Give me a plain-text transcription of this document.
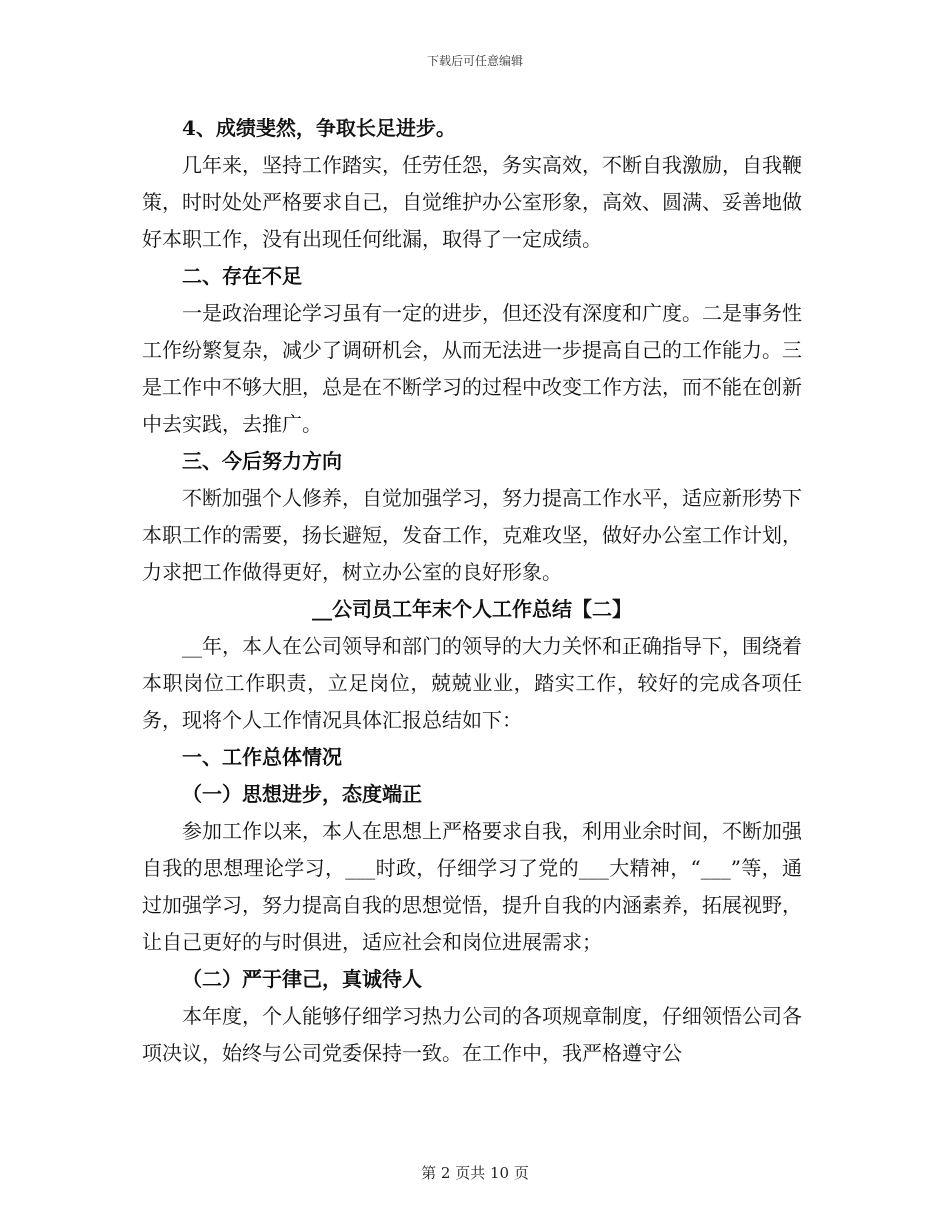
下载后可任意编辑

4、成绩斐然，争取长足进步。

几年来，坚持工作踏实，任劳任怨，务实高效，不断自我激励，自我鞭策，时时处处严格要求自己，自觉维护办公室形象，高效、圆满、妥善地做好本职工作，没有出现任何纰漏，取得了一定成绩。

二、存在不足

一是政治理论学习虽有一定的进步，但还没有深度和广度。二是事务性工作纷繁复杂，减少了调研机会，从而无法进一步提高自己的工作能力。三是工作中不够大胆，总是在不断学习的过程中改变工作方法，而不能在创新中去实践，去推广。

三、今后努力方向

不断加强个人修养，自觉加强学习，努力提高工作水平，适应新形势下本职工作的需要，扬长避短，发奋工作，克难攻坚，做好办公室工作计划，力求把工作做得更好，树立办公室的良好形象。

__公司员工年末个人工作总结【二】

__年，本人在公司领导和部门的领导的大力关怀和正确指导下，围绕着本职岗位工作职责，立足岗位，兢兢业业，踏实工作，较好的完成各项任务，现将个人工作情况具体汇报总结如下：

一、工作总体情况

（一）思想进步，态度端正

参加工作以来，本人在思想上严格要求自我，利用业余时间，不断加强自我的思想理论学习，___时政，仔细学习了党的___大精神，“___”等，通过加强学习，努力提高自我的思想觉悟，提升自我的内涵素养，拓展视野，让自己更好的与时俱进，适应社会和岗位进展需求；

（二）严于律己，真诚待人

本年度，个人能够仔细学习热力公司的各项规章制度，仔细领悟公司各项决议，始终与公司党委保持一致。在工作中，我严格遵守公

第 2 页共 10 页
